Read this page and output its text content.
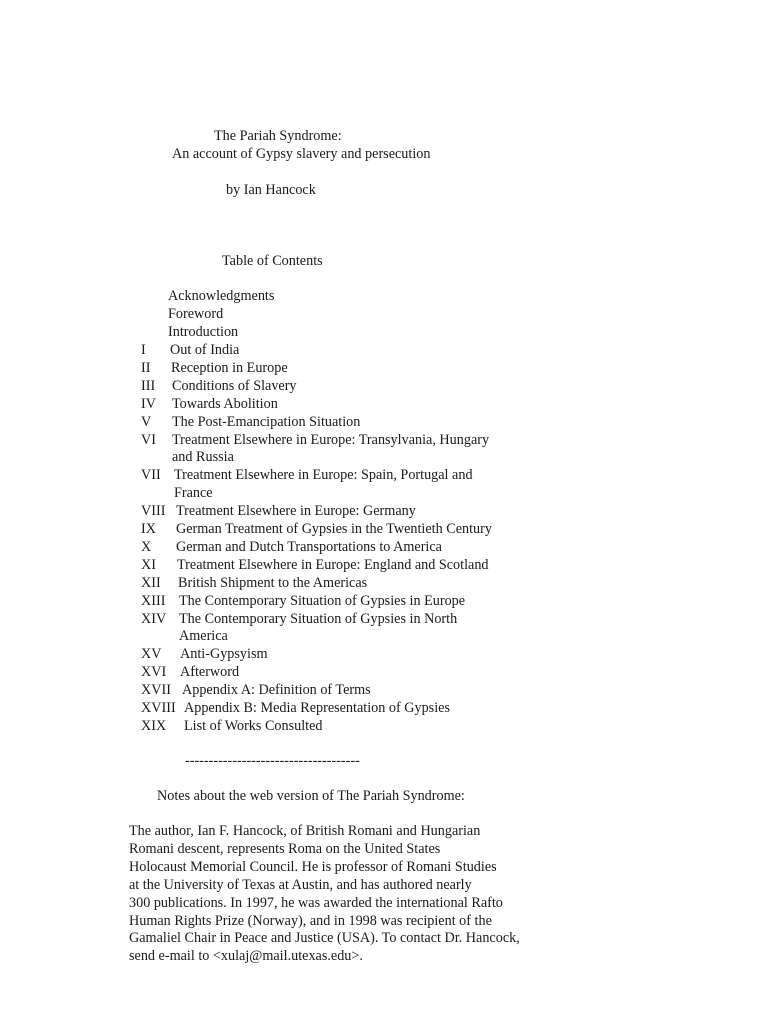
The Pariah Syndrome:
An account of Gypsy slavery and persecution
by Ian Hancock
Table of Contents
Acknowledgments
Foreword
Introduction
I Out of India
II Reception in Europe
III Conditions of Slavery
IV Towards Abolition
V The Post-Emancipation Situation
VI Treatment Elsewhere in Europe: Transylvania, Hungary
and Russia
VII Treatment Elsewhere in Europe: Spain, Portugal and
France
VIII Treatment Elsewhere in Europe: Germany
IX German Treatment of Gypsies in the Twentieth Century
X German and Dutch Transportations to America
XI Treatment Elsewhere in Europe: England and Scotland
XII British Shipment to the Americas
XIII The Contemporary Situation of Gypsies in Europe
XIV The Contemporary Situation of Gypsies in North
America
XV Anti-Gypsyism
XVI Afterword
XVII Appendix A: Definition of Terms
XVIII Appendix B: Media Representation of Gypsies
XIX List of Works Consulted
-------------------------------------
Notes about the web version of The Pariah Syndrome:
The author, Ian F. Hancock, of British Romani and Hungarian
Romani descent, represents Roma on the United States
Holocaust Memorial Council. He is professor of Romani Studies
at the University of Texas at Austin, and has authored nearly
300 publications. In 1997, he was awarded the international Rafto
Human Rights Prize (Norway), and in 1998 was recipient of the
Gamaliel Chair in Peace and Justice (USA). To contact Dr. Hancock,
send e-mail to <xulaj@mail.utexas.edu>.
